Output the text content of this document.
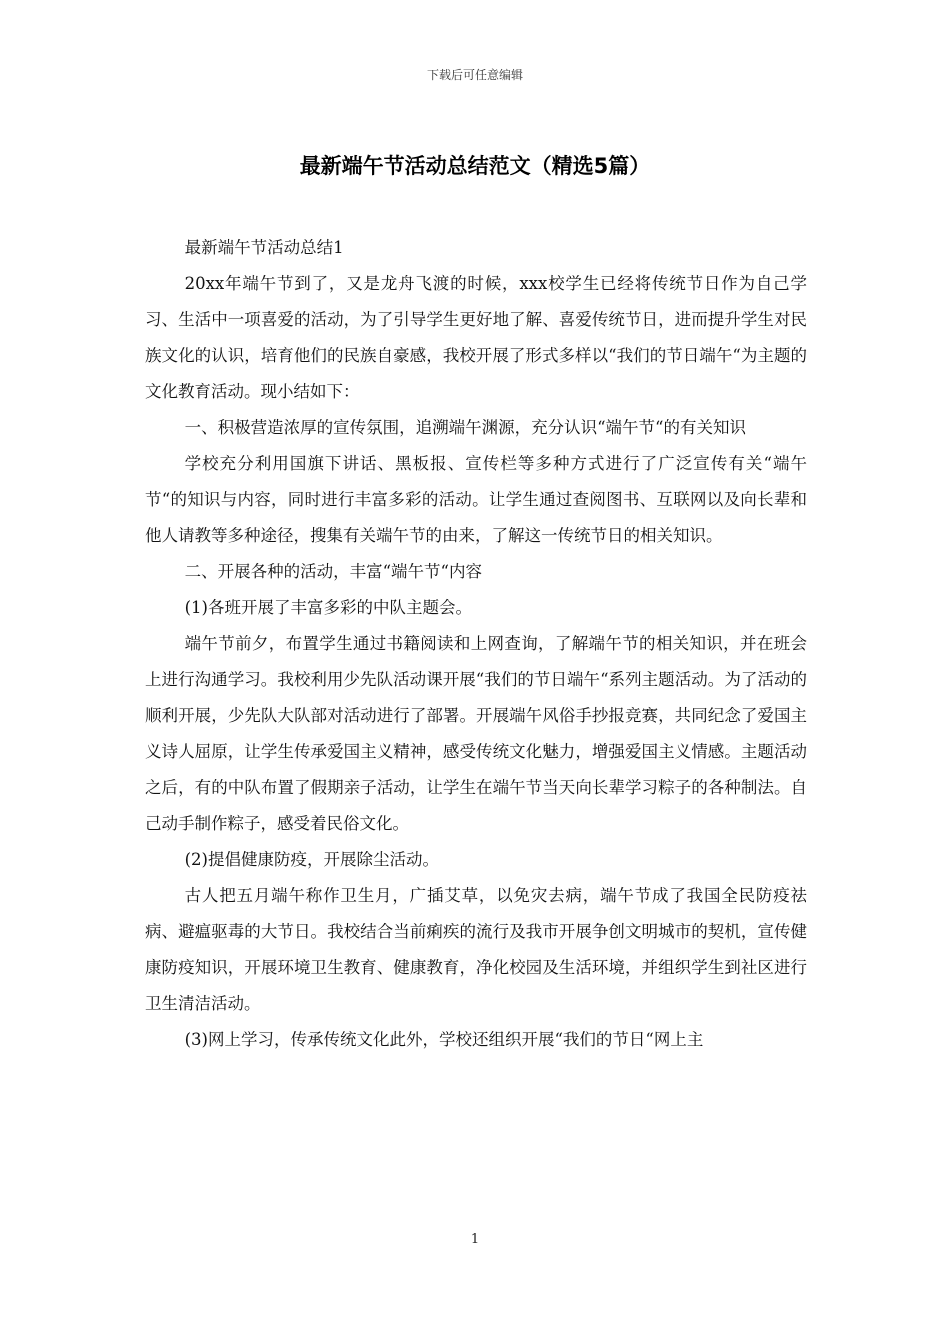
下载后可任意编辑
最新端午节活动总结范文（精选5篇）

最新端午节活动总结1

20xx年端午节到了，又是龙舟飞渡的时候，xxx校学生已经将传统节日作为自己学习、生活中一项喜爱的活动，为了引导学生更好地了解、喜爱传统节日，进而提升学生对民族文化的认识，培育他们的民族自豪感，我校开展了形式多样以“我们的节日端午“为主题的文化教育活动。现小结如下：

一、积极营造浓厚的宣传氛围，追溯端午渊源，充分认识“端午节“的有关知识

学校充分利用国旗下讲话、黑板报、宣传栏等多种方式进行了广泛宣传有关“端午节“的知识与内容，同时进行丰富多彩的活动。让学生通过查阅图书、互联网以及向长辈和他人请教等多种途径，搜集有关端午节的由来，了解这一传统节日的相关知识。

二、开展各种的活动，丰富“端午节“内容

(1)各班开展了丰富多彩的中队主题会。

端午节前夕，布置学生通过书籍阅读和上网查询，了解端午节的相关知识，并在班会上进行沟通学习。我校利用少先队活动课开展“我们的节日端午“系列主题活动。为了活动的顺利开展，少先队大队部对活动进行了部署。开展端午风俗手抄报竞赛，共同纪念了爱国主义诗人屈原，让学生传承爱国主义精神，感受传统文化魅力，增强爱国主义情感。主题活动之后，有的中队布置了假期亲子活动，让学生在端午节当天向长辈学习粽子的各种制法。自己动手制作粽子，感受着民俗文化。

(2)提倡健康防疫，开展除尘活动。

古人把五月端午称作卫生月，广插艾草，以免灾去病，端午节成了我国全民防疫祛病、避瘟驱毒的大节日。我校结合当前痢疾的流行及我市开展争创文明城市的契机，宣传健康防疫知识，开展环境卫生教育、健康教育，净化校园及生活环境，并组织学生到社区进行卫生清洁活动。

(3)网上学习，传承传统文化此外，学校还组织开展“我们的节日“网上主

1
